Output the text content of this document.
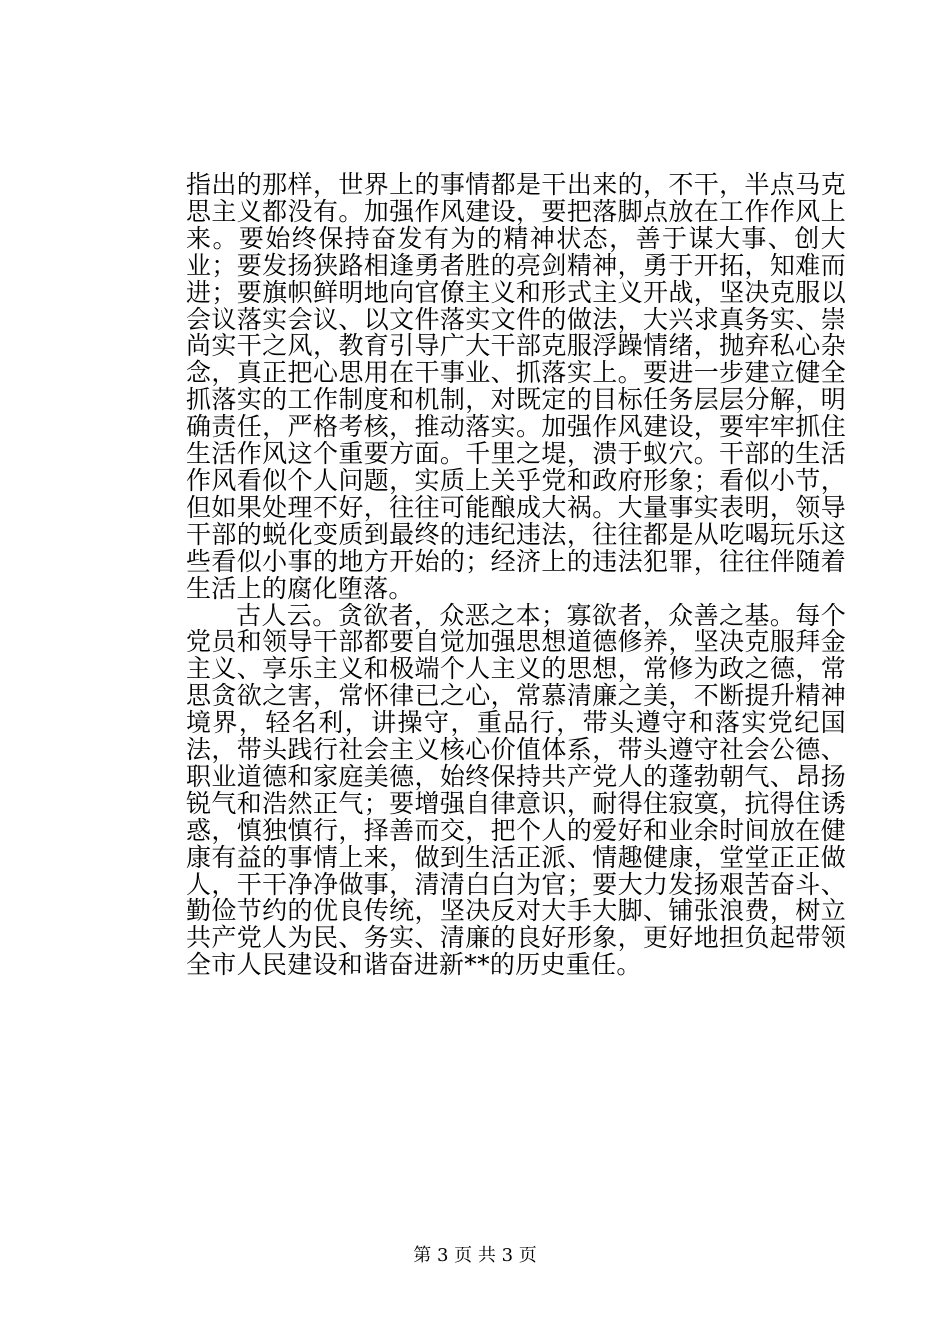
指出的那样，世界上的事情都是干出来的，不干，半点马克思主义都没有。加强作风建设，要把落脚点放在工作作风上来。要始终保持奋发有为的精神状态，善于谋大事、创大业；要发扬狭路相逢勇者胜的亮剑精神，勇于开拓，知难而进；要旗帜鲜明地向官僚主义和形式主义开战，坚决克服以会议落实会议、以文件落实文件的做法，大兴求真务实、崇尚实干之风，教育引导广大干部克服浮躁情绪，抛弃私心杂念，真正把心思用在干事业、抓落实上。要进一步建立健全抓落实的工作制度和机制，对既定的目标任务层层分解，明确责任，严格考核，推动落实。加强作风建设，要牢牢抓住生活作风这个重要方面。千里之堤，溃于蚁穴。干部的生活作风看似个人问题，实质上关乎党和政府形象；看似小节，但如果处理不好，往往可能酿成大祸。大量事实表明，领导干部的蜕化变质到最终的违纪违法，往往都是从吃喝玩乐这些看似小事的地方开始的；经济上的违法犯罪，往往伴随着生活上的腐化堕落。

古人云。贪欲者，众恶之本；寡欲者，众善之基。每个党员和领导干部都要自觉加强思想道德修养，坚决克服拜金主义、享乐主义和极端个人主义的思想，常修为政之德，常思贪欲之害，常怀律已之心，常慕清廉之美，不断提升精神境界，轻名利，讲操守，重品行，带头遵守和落实党纪国法，带头践行社会主义核心价值体系，带头遵守社会公德、职业道德和家庭美德，始终保持共产党人的蓬勃朝气、昂扬锐气和浩然正气；要增强自律意识，耐得住寂寞，抗得住诱惑，慎独慎行，择善而交，把个人的爱好和业余时间放在健康有益的事情上来，做到生活正派、情趣健康，堂堂正正做人，干干净净做事，清清白白为官；要大力发扬艰苦奋斗、勤俭节约的优良传统，坚决反对大手大脚、铺张浪费，树立共产党人为民、务实、清廉的良好形象，更好地担负起带领全市人民建设和谐奋进新**的历史重任。

第 3 页 共 3 页
